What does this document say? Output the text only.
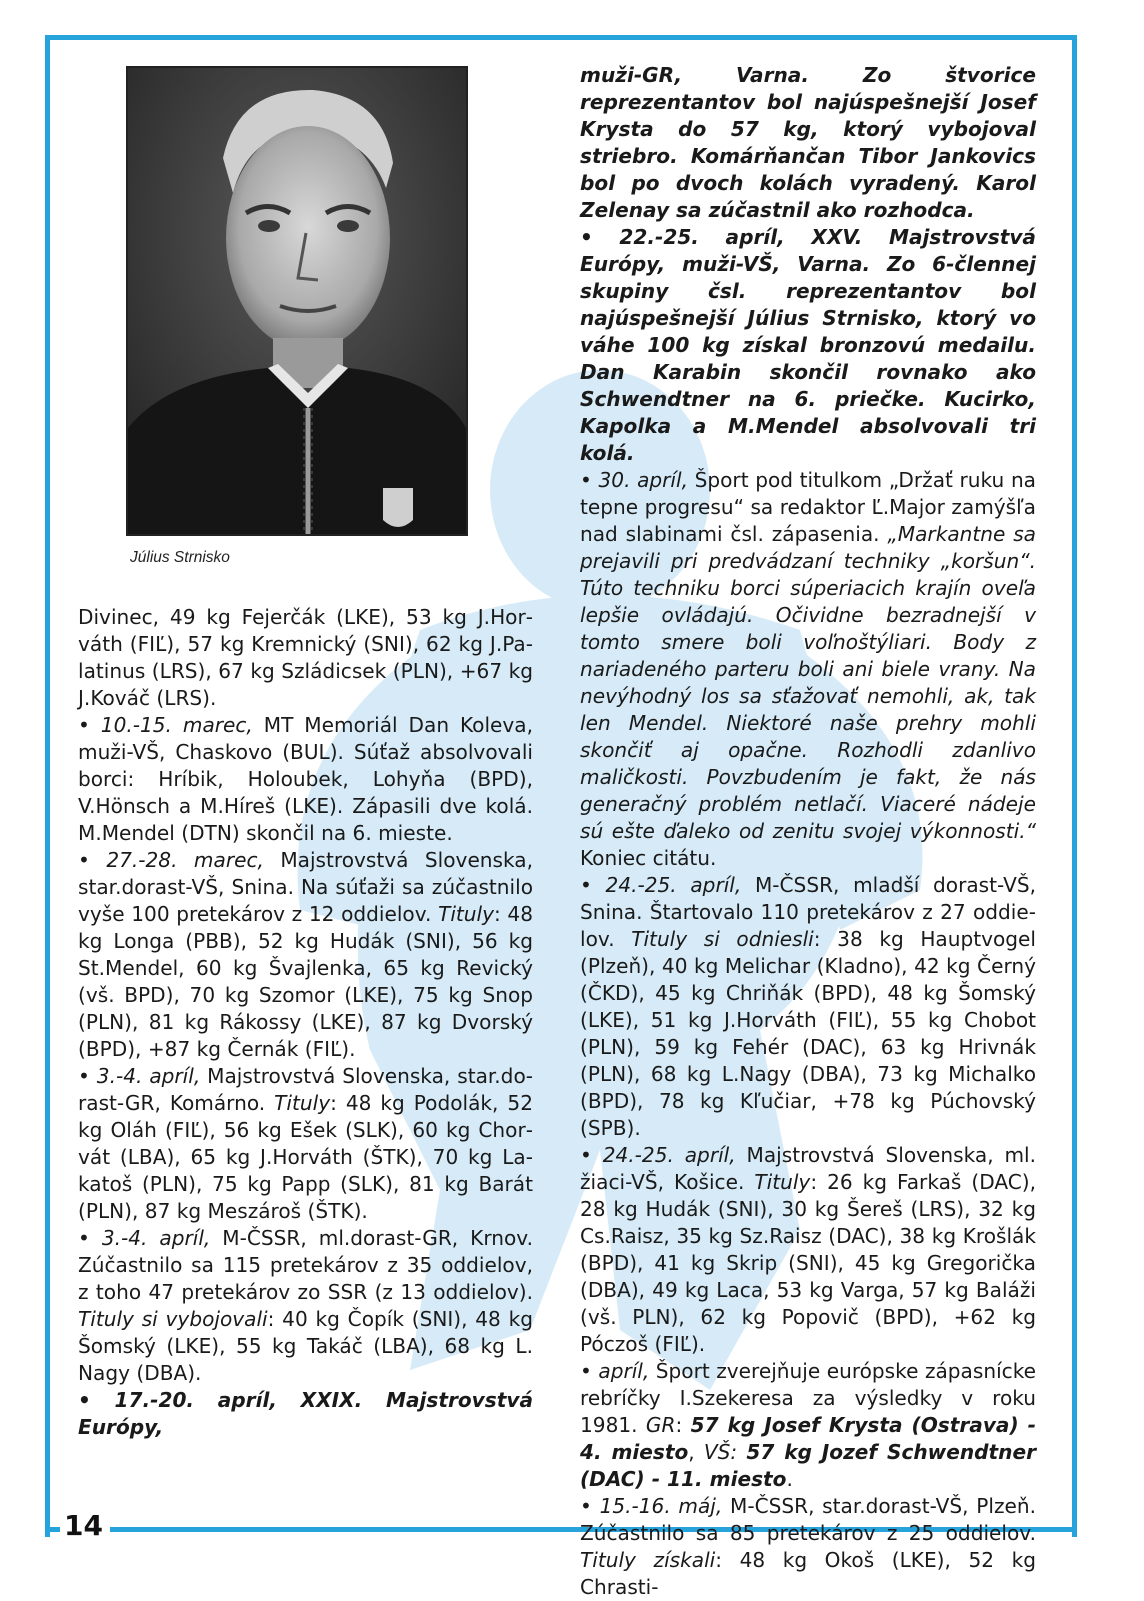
14
Július Strnisko

Divinec, 49 kg Fejerčák (LKE), 53 kg J.Horváth (FIĽ), 57 kg Kremnický (SNI), 62 kg J.Palatinus (LRS), 67 kg Szládicsek (PLN), +67 kg J.Kováč (LRS).

• 10.-15. marec, MT Memoriál Dan Koleva, muži-VŠ, Chaskovo (BUL). Súťaž absolvovali borci: Hríbik, Holoubek, Lohyňa (BPD), V.Hönsch a M.Híreš (LKE). Zápasili dve kolá. M.Mendel (DTN) skončil na 6. mieste.

• 27.-28. marec, Majstrovstvá Slovenska, star.dorast-VŠ, Snina. Na súťaži sa zúčastnilo vyše 100 pretekárov z 12 oddielov. Tituly: 48 kg Longa (PBB), 52 kg Hudák (SNI), 56 kg St.Mendel, 60 kg Švajlenka, 65 kg Revický (vš. BPD), 70 kg Szomor (LKE), 75 kg Snop (PLN), 81 kg Rákossy (LKE), 87 kg Dvorský (BPD), +87 kg Černák (FIĽ).

• 3.-4. apríl, Majstrovstvá Slovenska, star.dorast-GR, Komárno. Tituly: 48 kg Podolák, 52 kg Oláh (FIĽ), 56 kg Ešek (SLK), 60 kg Chorvát (LBA), 65 kg J.Horváth (ŠTK), 70 kg Lakatoš (PLN), 75 kg Papp (SLK), 81 kg Barát (PLN), 87 kg Meszároš (ŠTK).

• 3.-4. apríl, M-ČSSR, ml.dorast-GR, Krnov. Zúčastnilo sa 115 pretekárov z 35 oddielov, z toho 47 pretekárov zo SSR (z 13 oddielov). Tituly si vybojovali: 40 kg Čopík (SNI), 48 kg Šomský (LKE), 55 kg Takáč (LBA), 68 kg L. Nagy (DBA).

• 17.-20. apríl, XXIX. Majstrovstvá Európy,

muži-GR, Varna. Zo štvorice reprezentantov bol najúspešnejší Josef Krysta do 57 kg, ktorý vybojoval striebro. Komárňančan Tibor Jankovics bol po dvoch kolách vyradený. Karol Zelenay sa zúčastnil ako rozhodca.

• 22.-25. apríl, XXV. Majstrovstvá Európy, muži-VŠ, Varna. Zo 6-člennej skupiny čsl. reprezentantov bol najúspešnejší Július Strnisko, ktorý vo váhe 100 kg získal bronzovú medailu. Dan Karabin skončil rovnako ako Schwendtner na 6. priečke. Kucirko, Kapolka a M.Mendel absolvovali tri kolá.

• 30. apríl, Šport pod titulkom „Držať ruku na tepne progresu“ sa redaktor Ľ.Major zamýšľa nad slabinami čsl. zápasenia. „Markantne sa prejavili pri predvádzaní techniky „koršun“. Túto techniku borci súperiacich krajín oveľa lepšie ovládajú. Očividne bezradnejší v tomto smere boli voľnoštýliari. Body z nariadeného parteru boli ani biele vrany. Na nevýhodný los sa sťažovať nemohli, ak, tak len Mendel. Niektoré naše prehry mohli skončiť aj opačne. Rozhodli zdanlivo maličkosti. Povzbudením je fakt, že nás generačný problém netlačí. Viaceré nádeje sú ešte ďaleko od zenitu svojej výkonnosti.“ Koniec citátu.

• 24.-25. apríl, M-ČSSR, mladší dorast-VŠ, Snina. Štartovalo 110 pretekárov z 27 oddielov. Tituly si odniesli: 38 kg Hauptvogel (Plzeň), 40 kg Melichar (Kladno), 42 kg Černý (ČKD), 45 kg Chriňák (BPD), 48 kg Šomský (LKE), 51 kg J.Horváth (FIĽ), 55 kg Chobot (PLN), 59 kg Fehér (DAC), 63 kg Hrivnák (PLN), 68 kg L.Nagy (DBA), 73 kg Michalko (BPD), 78 kg Kľučiar, +78 kg Púchovský (SPB).

• 24.-25. apríl, Majstrovstvá Slovenska, ml. žiaci-VŠ, Košice. Tituly: 26 kg Farkaš (DAC), 28 kg Hudák (SNI), 30 kg Šereš (LRS), 32 kg Cs.Raisz, 35 kg Sz.Raisz (DAC), 38 kg Krošlák (BPD), 41 kg Skrip (SNI), 45 kg Gregorička (DBA), 49 kg Laca, 53 kg Varga, 57 kg Baláži (vš. PLN), 62 kg Popovič (BPD), +62 kg Póczoš (FIĽ).

• apríl, Šport zverejňuje európske zápasnícke rebríčky I.Szekeresa za výsledky v roku 1981. GR: 57 kg Josef Krysta (Ostrava) - 4. miesto, VŠ: 57 kg Jozef Schwendtner (DAC) - 11. miesto.

• 15.-16. máj, M-ČSSR, star.dorast-VŠ, Plzeň. Zúčastnilo sa 85 pretekárov z 25 oddielov. Tituly získali: 48 kg Okoš (LKE), 52 kg Chrasti-
